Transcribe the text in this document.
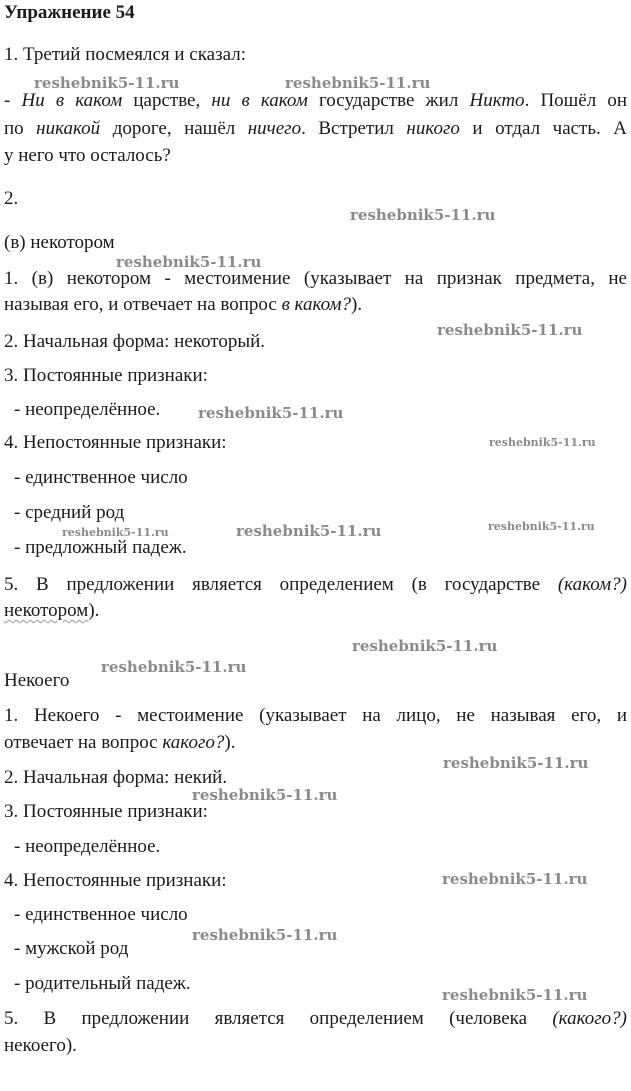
Упражнение 54
1. Третий посмеялся и сказал:
- Ни в каком царстве, ни в каком государстве жил Никто. Пошёл он
по никакой дороге, нашёл ничего. Встретил никого и отдал часть. А
у него что осталось?
2.
(в) некотором
1. (в) некотором - местоимение (указывает на признак предмета, не
называя его, и отвечает на вопрос в каком?).
2. Начальная форма: некоторый.
3. Постоянные признаки:
- неопределённое.
4. Непостоянные признаки:
- единственное число
- средний род
- предложный падеж.
5. В предложении является определением (в государстве (каком?)
некотором).
Некоего
1. Некоего - местоимение (указывает на лицо, не называя его, и
отвечает на вопрос какого?).
2. Начальная форма: некий.
3. Постоянные признаки:
- неопределённое.
4. Непостоянные признаки:
- единственное число
- мужской род
- родительный падеж.
5. В предложении является определением (человека (какого?)
некоего).
reshebnik5-11.ru	reshebnik5-11.ru
reshebnik5-11.ru
reshebnik5-11.ru
reshebnik5-11.ru
reshebnik5-11.ru
reshebnik5-11.ru
reshebnik5-11.ru
reshebnik5-11.ru	reshebnik5-11.ru
reshebnik5-11.ru
reshebnik5-11.ru
reshebnik5-11.ru
reshebnik5-11.ru
reshebnik5-11.ru
reshebnik5-11.ru
reshebnik5-11.ru
